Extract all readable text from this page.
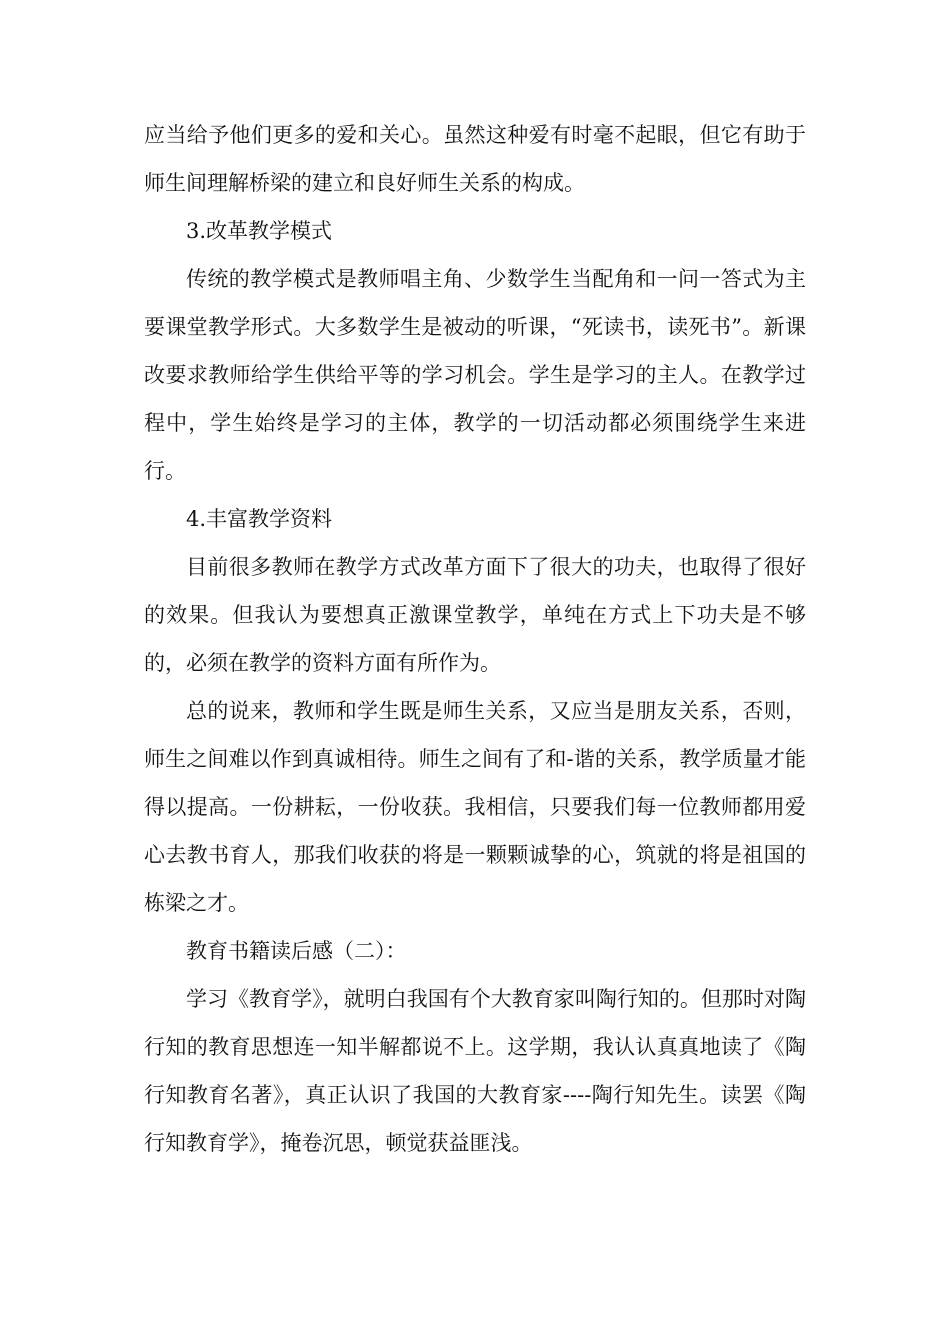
应当给予他们更多的爱和关心。虽然这种爱有时毫不起眼，但它有助于师生间理解桥梁的建立和良好师生关系的构成。

3.改革教学模式

传统的教学模式是教师唱主角、少数学生当配角和一问一答式为主要课堂教学形式。大多数学生是被动的听课，“死读书，读死书”。新课改要求教师给学生供给平等的学习机会。学生是学习的主人。在教学过程中，学生始终是学习的主体，教学的一切活动都必须围绕学生来进行。

4.丰富教学资料

目前很多教师在教学方式改革方面下了很大的功夫，也取得了很好的效果。但我认为要想真正激课堂教学，单纯在方式上下功夫是不够的，必须在教学的资料方面有所作为。

总的说来，教师和学生既是师生关系，又应当是朋友关系，否则，师生之间难以作到真诚相待。师生之间有了和-谐的关系，教学质量才能得以提高。一份耕耘，一份收获。我相信，只要我们每一位教师都用爱心去教书育人，那我们收获的将是一颗颗诚挚的心，筑就的将是祖国的栋梁之才。

教育书籍读后感（二）：

学习《教育学》，就明白我国有个大教育家叫陶行知的。但那时对陶行知的教育思想连一知半解都说不上。这学期，我认认真真地读了《陶行知教育名著》，真正认识了我国的大教育家----陶行知先生。读罢《陶行知教育学》，掩卷沉思，顿觉获益匪浅。
